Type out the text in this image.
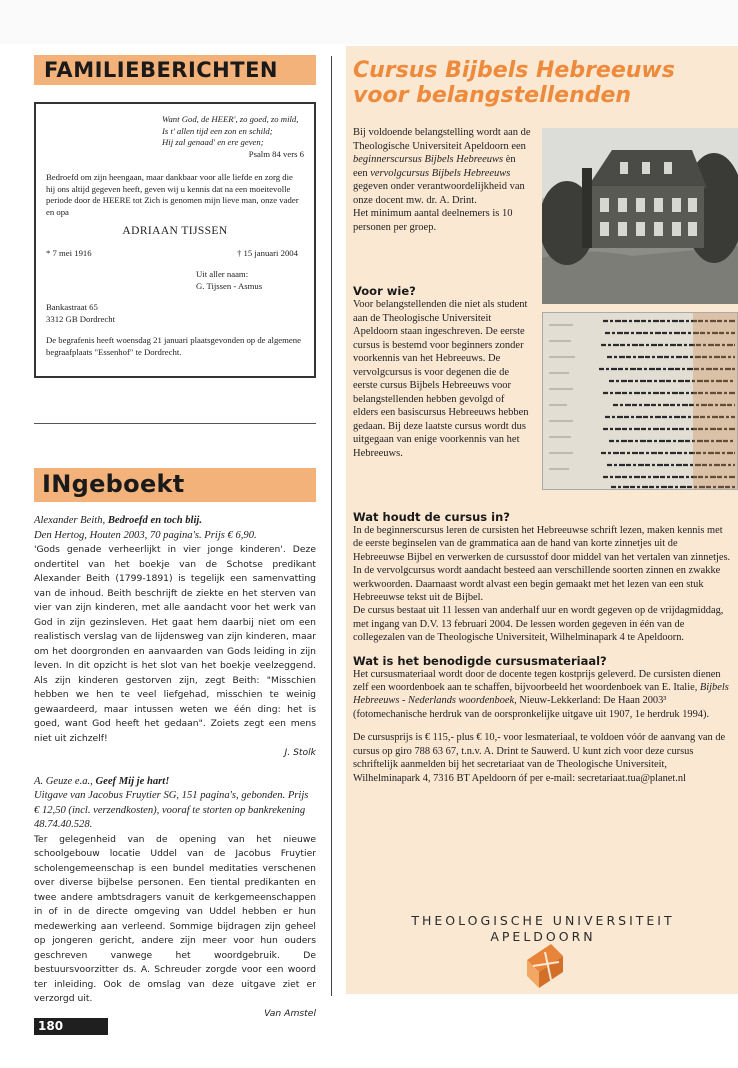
FAMILIEBERICHTEN
Want God, de HEER', zo goed, zo mild,
Is t' allen tijd een zon en schild;
Hij zal genaad' en ere geven;
Psalm 84 vers 6
Bedroefd om zijn heengaan, maar dankbaar voor alle liefde en zorg die hij ons altijd gegeven heeft, geven wij u kennis dat na een moeitevolle periode door de HEERE tot Zich is genomen mijn lieve man, onze vader en opa
ADRIAAN TIJSSEN
* 7 mei 1916	† 15 januari 2004
Uit aller naam:
G. Tijssen - Asmus
Bankastraat 65
3312 GB Dordrecht
De begrafenis heeft woensdag 21 januari plaatsgevonden op de algemene begraafplaats "Essenhof" te Dordrecht.
INgeboekt
Alexander Beith, Bedroefd en toch blij.
Den Hertog, Houten 2003, 70 pagina's. Prijs € 6,90.
'Gods genade verheerlijkt in vier jonge kinderen'. Deze ondertitel van het boekje van de Schotse predikant Alexander Beith (1799-1891) is tegelijk een samenvatting van de inhoud. Beith beschrijft de ziekte en het sterven van vier van zijn kinderen, met alle aandacht voor het werk van God in zijn gezinsleven. Het gaat hem daarbij niet om een realistisch verslag van de lijdensweg van zijn kinderen, maar om het doorgronden en aanvaarden van Gods leiding in zijn leven. In dit opzicht is het slot van het boekje veelzeggend. Als zijn kinderen gestorven zijn, zegt Beith: "Misschien hebben we hen te veel liefgehad, misschien te weinig gewaardeerd, maar intussen weten we één ding: het is goed, want God heeft het gedaan". Zoiets zegt een mens niet uit zichzelf!
J. Stolk
A. Geuze e.a., Geef Mij je hart!
Uitgave van Jacobus Fruytier SG, 151 pagina's, gebonden. Prijs € 12,50 (incl. verzendkosten), vooraf te storten op bankrekening 48.74.40.528.
Ter gelegenheid van de opening van het nieuwe schoolgebouw locatie Uddel van de Jacobus Fruytier scholengemeenschap is een bundel meditaties verschenen over diverse bijbelse personen. Een tiental predikanten en twee andere ambtsdragers vanuit de kerkgemeenschappen in of in de directe omgeving van Uddel hebben er hun medewerking aan verleend. Sommige bijdragen zijn geheel op jongeren gericht, andere zijn meer voor hun ouders geschreven vanwege het woordgebruik. De bestuursvoorzitter ds. A. Schreuder zorgde voor een woord ter inleiding. Ook de omslag van deze uitgave ziet er verzorgd uit.
Van Amstel
180
Cursus Bijbels Hebreeuws
voor belangstellenden
Bij voldoende belangstelling wordt aan de Theologische Universiteit Apeldoorn een beginnerscursus Bijbels Hebreeuws èn een vervolgcursus Bijbels Hebreeuws gegeven onder verantwoordelijkheid van onze docent mw. dr. A. Drint.
Het minimum aantal deelnemers is 10 personen per groep.
Voor wie?
Voor belangstellenden die niet als student aan de Theologische Universiteit Apeldoorn staan ingeschreven. De eerste cursus is bestemd voor beginners zonder voorkennis van het Hebreeuws. De vervolgcursus is voor degenen die de eerste cursus Bijbels Hebreeuws voor belangstellenden hebben gevolgd of elders een basiscursus Hebreeuws hebben gedaan. Bij deze laatste cursus wordt dus uitgegaan van enige voorkennis van het Hebreeuws.
Wat houdt de cursus in?

In de beginnerscursus leren de cursisten het Hebreeuwse schrift lezen, maken kennis met de eerste beginselen van de grammatica aan de hand van korte zinnetjes uit de Hebreeuwse Bijbel en verwerken de cursusstof door middel van het vertalen van zinnetjes.

In de vervolgcursus wordt aandacht besteed aan verschillende soorten zinnen en zwakke werkwoorden. Daarnaast wordt alvast een begin gemaakt met het lezen van een stuk Hebreeuwse tekst uit de Bijbel.

De cursus bestaat uit 11 lessen van anderhalf uur en wordt gegeven op de vrijdagmiddag, met ingang van D.V. 13 februari 2004. De lessen worden gegeven in één van de collegezalen van de Theologische Universiteit, Wilhelminapark 4 te Apeldoorn.

Wat is het benodigde cursusmateriaal?

Het cursusmateriaal wordt door de docente tegen kostprijs geleverd. De cursisten dienen zelf een woordenboek aan te schaffen, bijvoorbeeld het woordenboek van E. Italie, Bijbels Hebreeuws - Nederlands woordenboek, Nieuw-Lekkerland: De Haan 2003³ (fotomechanische herdruk van de oorspronkelijke uitgave uit 1907, 1e herdruk 1994).

De cursusprijs is € 115,- plus € 10,- voor lesmateriaal, te voldoen vóór de aanvang van de cursus op giro 788 63 67, t.n.v. A. Drint te Sauwerd. U kunt zich voor deze cursus schriftelijk aanmelden bij het secretariaat van de Theologische Universiteit, Wilhelminapark 4, 7316 BT Apeldoorn óf per e-mail: secretariaat.tua@planet.nl

THEOLOGISCHE UNIVERSITEIT
APELDOORN
